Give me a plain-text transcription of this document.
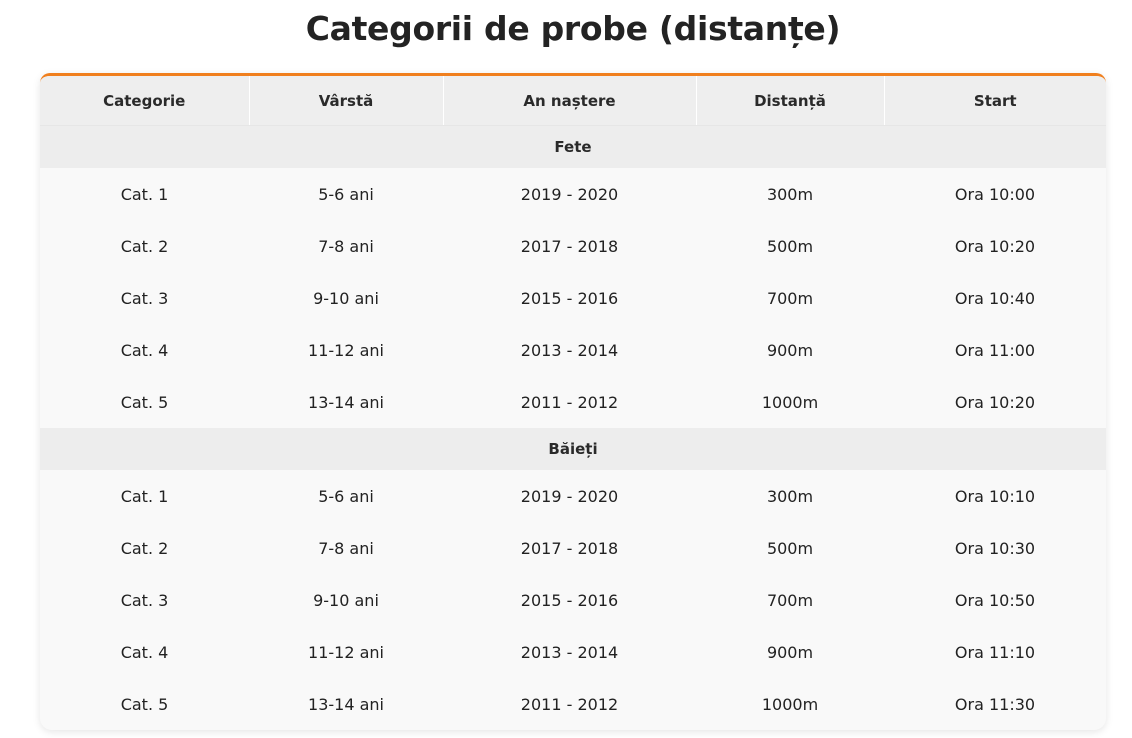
Categorii de probe (distanțe)
Categorie	Vârstă	An naștere	Distanță	Start
Fete				
Cat. 1	5-6 ani	2019 - 2020	300m	Ora 10:00
Cat. 2	7-8 ani	2017 - 2018	500m	Ora 10:20
Cat. 3	9-10 ani	2015 - 2016	700m	Ora 10:40
Cat. 4	11-12 ani	2013 - 2014	900m	Ora 11:00
Cat. 5	13-14 ani	2011 - 2012	1000m	Ora 10:20
Băieți				
Cat. 1	5-6 ani	2019 - 2020	300m	Ora 10:10
Cat. 2	7-8 ani	2017 - 2018	500m	Ora 10:30
Cat. 3	9-10 ani	2015 - 2016	700m	Ora 10:50
Cat. 4	11-12 ani	2013 - 2014	900m	Ora 11:10
Cat. 5	13-14 ani	2011 - 2012	1000m	Ora 11:30
